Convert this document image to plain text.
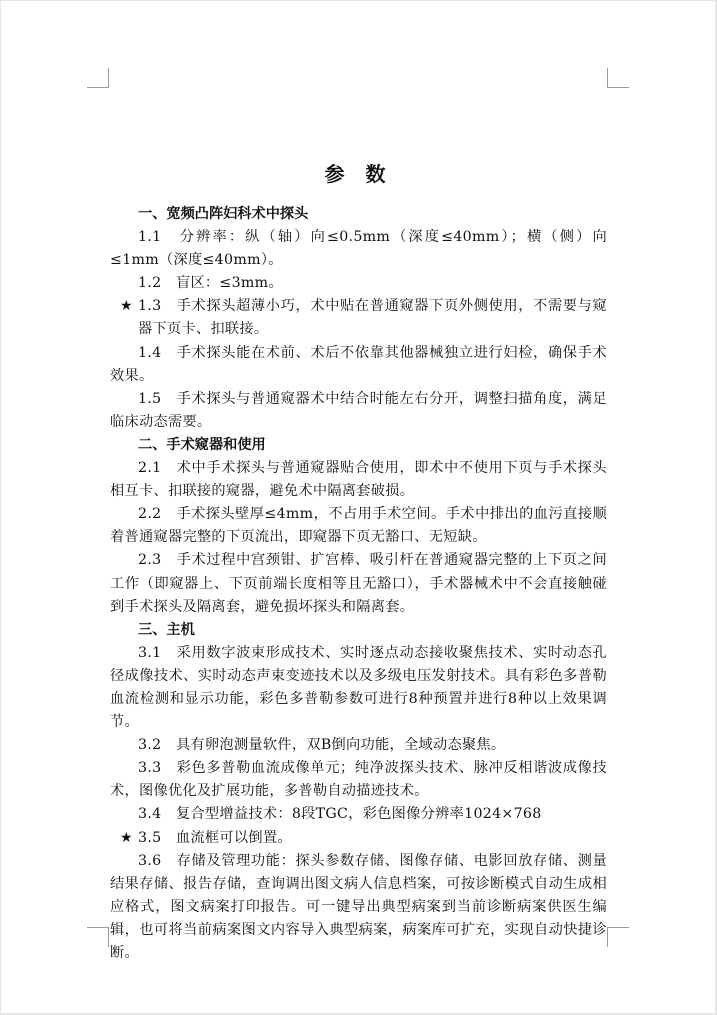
参 数

一、宽频凸阵妇科术中探头

1.1　分辨率：纵（轴）向≤0.5mm（深度≤40mm）；横（侧）向≤1mm（深度≤40mm）。

1.2　盲区：≤3mm。

★ 1.3　手术探头超薄小巧，术中贴在普通窥器下页外侧使用，不需要与窥器下页卡、扣联接。

1.4　手术探头能在术前、术后不依靠其他器械独立进行妇检，确保手术效果。

1.5　手术探头与普通窥器术中结合时能左右分开，调整扫描角度，满足临床动态需要。

二、手术窥器和使用

2.1　术中手术探头与普通窥器贴合使用，即术中不使用下页与手术探头相互卡、扣联接的窥器，避免术中隔离套破损。

2.2　手术探头壁厚≤4mm，不占用手术空间。手术中排出的血污直接顺着普通窥器完整的下页流出，即窥器下页无豁口、无短缺。

2.3　手术过程中宫颈钳、扩宫棒、吸引杆在普通窥器完整的上下页之间工作（即窥器上、下页前端长度相等且无豁口），手术器械术中不会直接触碰到手术探头及隔离套，避免损坏探头和隔离套。

三、主机

3.1　采用数字波束形成技术、实时逐点动态接收聚焦技术、实时动态孔径成像技术、实时动态声束变迹技术以及多级电压发射技术。具有彩色多普勒血流检测和显示功能，彩色多普勒参数可进行8种预置并进行8种以上效果调节。

3.2　具有卵泡测量软件，双B倒向功能，全域动态聚焦。

3.3　彩色多普勒血流成像单元；纯净波探头技术、脉冲反相谐波成像技术，图像优化及扩展功能，多普勒自动描迹技术。

3.4　复合型增益技术：8段TGC，彩色图像分辨率1024×768

★ 3.5　血流框可以倒置。

3.6　存储及管理功能：探头参数存储、图像存储、电影回放存储、测量结果存储、报告存储，查询调出图文病人信息档案，可按诊断模式自动生成相应格式，图文病案打印报告。可一键导出典型病案到当前诊断病案供医生编辑，也可将当前病案图文内容导入典型病案，病案库可扩充，实现自动快捷诊断。
